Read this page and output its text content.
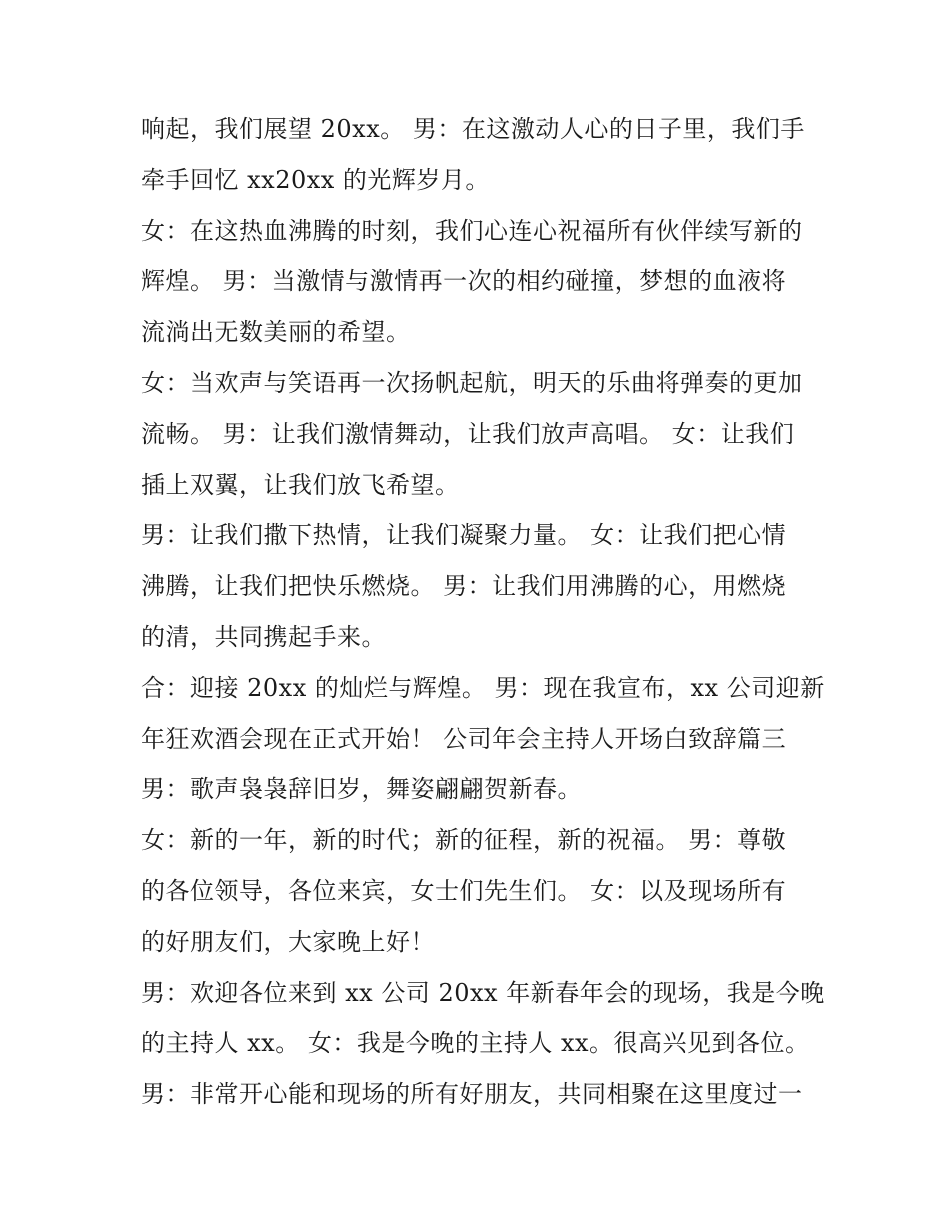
响起，我们展望 20xx。 男：在这激动人心的日子里，我们手
牵手回忆 xx20xx 的光辉岁月。
女：在这热血沸腾的时刻，我们心连心祝福所有伙伴续写新的
辉煌。 男：当激情与激情再一次的相约碰撞，梦想的血液将
流淌出无数美丽的希望。
女：当欢声与笑语再一次扬帆起航，明天的乐曲将弹奏的更加
流畅。 男：让我们激情舞动，让我们放声高唱。 女：让我们
插上双翼，让我们放飞希望。
男：让我们撒下热情，让我们凝聚力量。 女：让我们把心情
沸腾，让我们把快乐燃烧。 男：让我们用沸腾的心，用燃烧
的清，共同携起手来。
合：迎接 20xx 的灿烂与辉煌。 男：现在我宣布，xx 公司迎新
年狂欢酒会现在正式开始！ 公司年会主持人开场白致辞篇三
男：歌声袅袅辞旧岁，舞姿翩翩贺新春。
女：新的一年，新的时代；新的征程，新的祝福。 男：尊敬
的各位领导，各位来宾，女士们先生们。 女：以及现场所有
的好朋友们，大家晚上好！
男：欢迎各位来到 xx 公司 20xx 年新春年会的现场，我是今晚
的主持人 xx。 女：我是今晚的主持人 xx。很高兴见到各位。
男：非常开心能和现场的所有好朋友，共同相聚在这里度过一
